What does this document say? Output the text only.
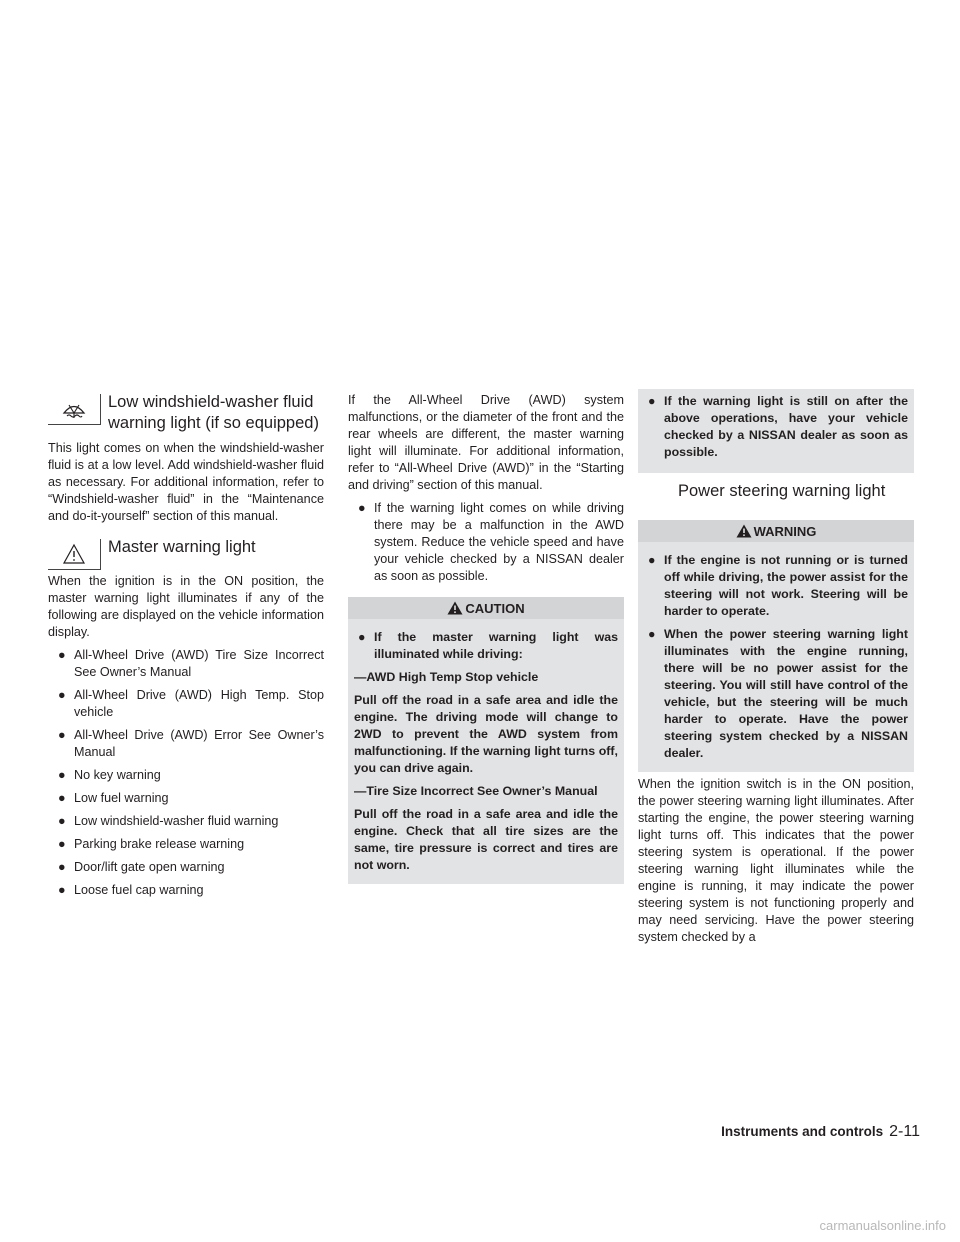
Low windshield-washer fluid warning light (if so equipped)

This light comes on when the windshield-washer fluid is at a low level. Add windshield-washer fluid as necessary. For additional information, refer to “Windshield-washer fluid” in the “Maintenance and do-it-yourself” section of this manual.

Master warning light

When the ignition is in the ON position, the master warning light illuminates if any of the following are displayed on the vehicle information display.

● All-Wheel Drive (AWD) Tire Size Incorrect See Owner’s Manual
● All-Wheel Drive (AWD) High Temp. Stop vehicle
● All-Wheel Drive (AWD) Error See Owner’s Manual
● No key warning
● Low fuel warning
● Low windshield-washer fluid warning
● Parking brake release warning
● Door/lift gate open warning
● Loose fuel cap warning

If the All-Wheel Drive (AWD) system malfunctions, or the diameter of the front and the rear wheels are different, the master warning light will illuminate. For additional information, refer to “All-Wheel Drive (AWD)” in the “Starting and driving” section of this manual.

● If the warning light comes on while driving there may be a malfunction in the AWD system. Reduce the vehicle speed and have your vehicle checked by a NISSAN dealer as soon as possible.
CAUTION
● If the master warning light was illuminated while driving:

—AWD High Temp Stop vehicle

Pull off the road in a safe area and idle the engine. The driving mode will change to 2WD to prevent the AWD system from malfunctioning. If the warning light turns off, you can drive again.

—Tire Size Incorrect See Owner’s Manual

Pull off the road in a safe area and idle the engine. Check that all tire sizes are the same, tire pressure is correct and tires are not worn.

● If the warning light is still on after the above operations, have your vehicle checked by a NISSAN dealer as soon as possible.
Power steering warning light
WARNING
● If the engine is not running or is turned off while driving, the power assist for the steering will not work. Steering will be harder to operate.
● When the power steering warning light illuminates with the engine running, there will be no power assist for the steering. You will still have control of the vehicle, but the steering will be much harder to operate. Have the power steering system checked by a NISSAN dealer.

When the ignition switch is in the ON position, the power steering warning light illuminates. After starting the engine, the power steering warning light turns off. This indicates that the power steering system is operational. If the power steering warning light illuminates while the engine is running, it may indicate the power steering system is not functioning properly and may need servicing. Have the power steering system checked by a

Instruments and controls 2-11
carmanualsonline.info
